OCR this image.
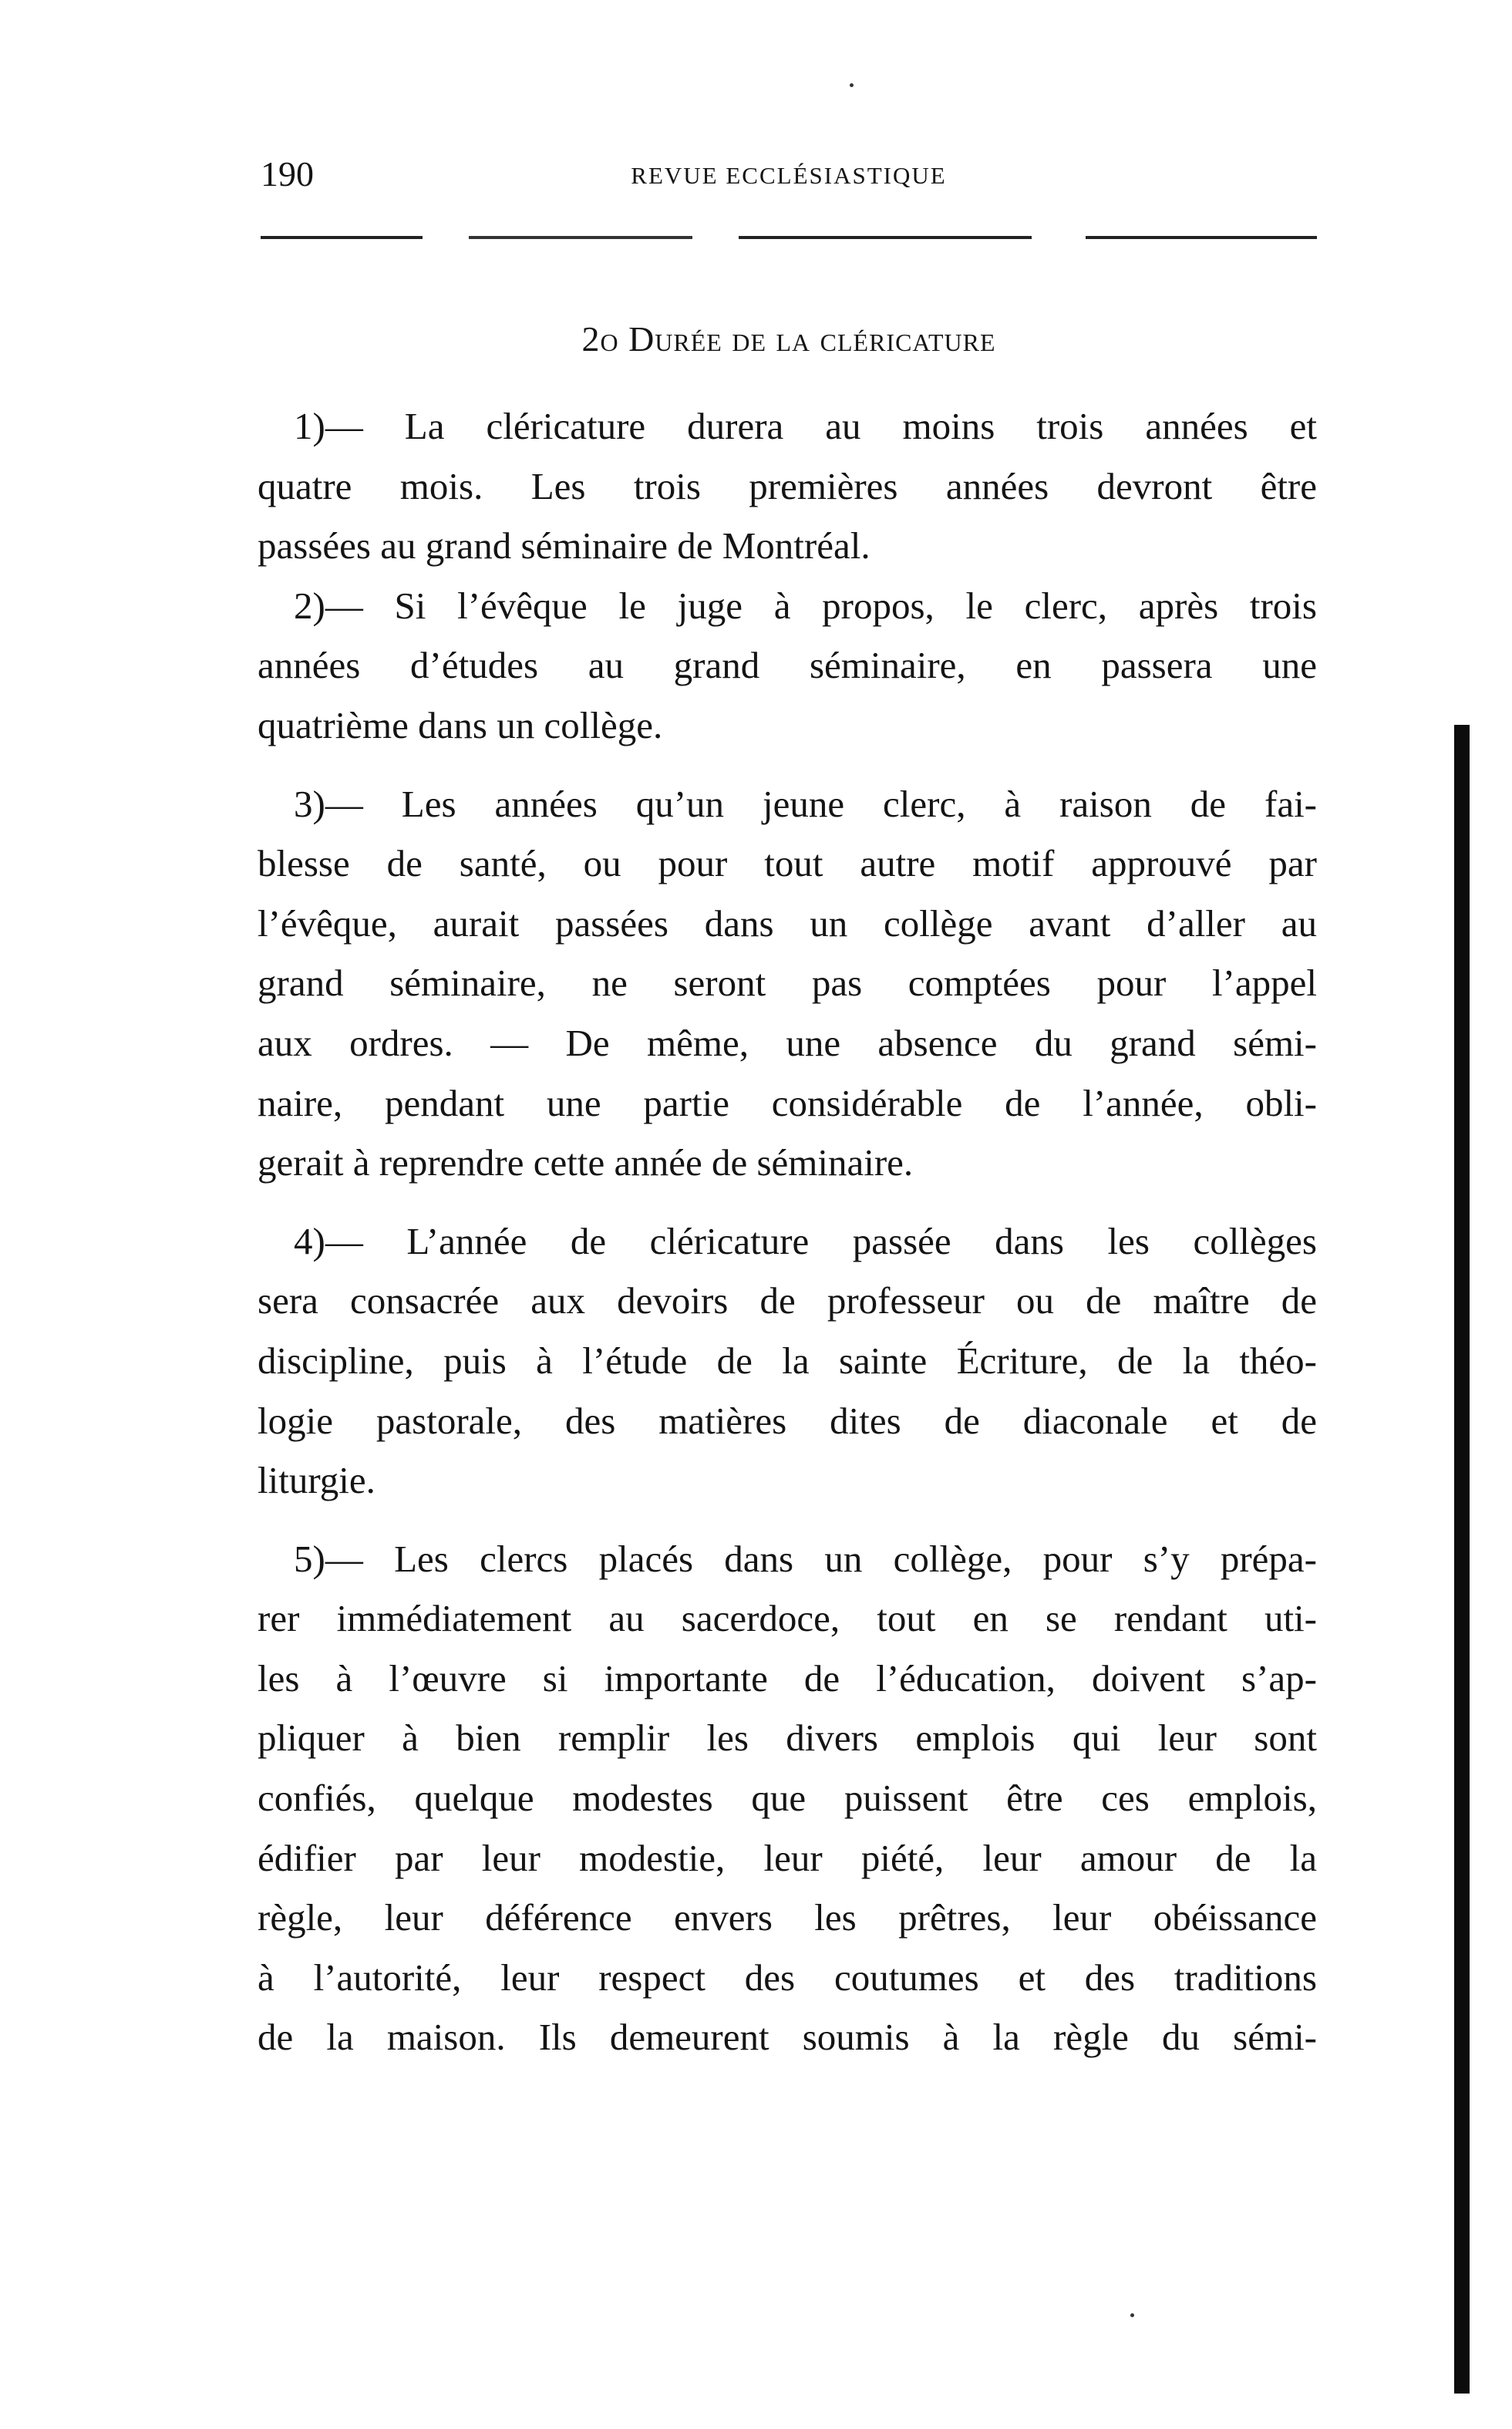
190	REVUE ECCLÉSIASTIQUE
2o Durée de la cléricature
1)— La cléricature durera au moins trois années et
quatre mois. Les trois premières années devront être
passées au grand séminaire de Montréal.
2)— Si l’évêque le juge à propos, le clerc, après trois
années d’études au grand séminaire, en passera une
quatrième dans un collège.
3)— Les années qu’un jeune clerc, à raison de fai-
blesse de santé, ou pour tout autre motif approuvé par
l’évêque, aurait passées dans un collège avant d’aller au
grand séminaire, ne seront pas comptées pour l’appel
aux ordres. — De même, une absence du grand sémi-
naire, pendant une partie considérable de l’année, obli-
gerait à reprendre cette année de séminaire.
4)— L’année de cléricature passée dans les collèges
sera consacrée aux devoirs de professeur ou de maître de
discipline, puis à l’étude de la sainte Écriture, de la théo-
logie pastorale, des matières dites de diaconale et de
liturgie.
5)— Les clercs placés dans un collège, pour s’y prépa-
rer immédiatement au sacerdoce, tout en se rendant uti-
les à l’œuvre si importante de l’éducation, doivent s’ap-
pliquer à bien remplir les divers emplois qui leur sont
confiés, quelque modestes que puissent être ces emplois,
édifier par leur modestie, leur piété, leur amour de la
règle, leur déférence envers les prêtres, leur obéissance
à l’autorité, leur respect des coutumes et des traditions
de la maison. Ils demeurent soumis à la règle du sémi-
